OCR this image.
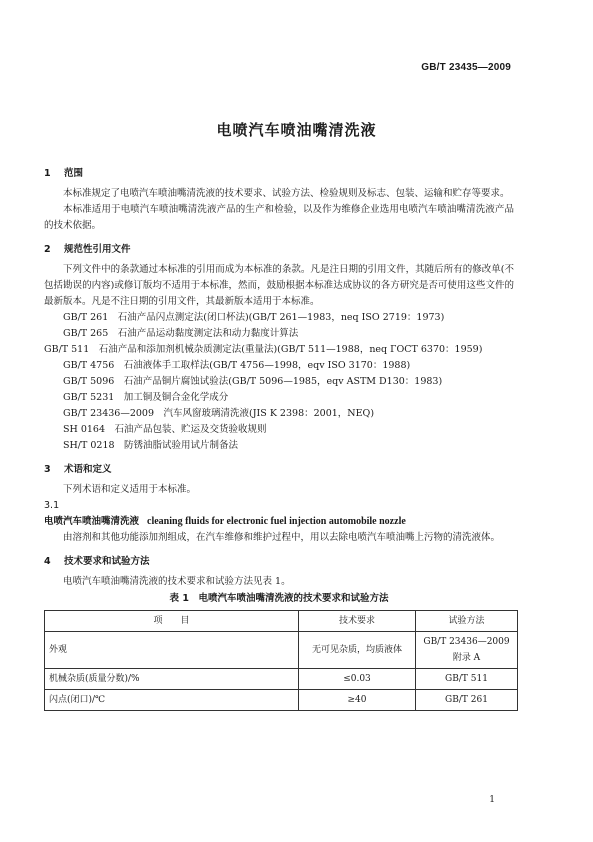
GB/T 23435—2009
电喷汽车喷油嘴清洗液
1 范围

本标准规定了电喷汽车喷油嘴清洗液的技术要求、试验方法、检验规则及标志、包装、运输和贮存等要求。

本标准适用于电喷汽车喷油嘴清洗液产品的生产和检验，以及作为维修企业选用电喷汽车喷油嘴清洗液产品的技术依据。

2 规范性引用文件

下列文件中的条款通过本标准的引用而成为本标准的条款。凡是注日期的引用文件，其随后所有的修改单(不包括勘误的内容)或修订版均不适用于本标准，然而，鼓励根据本标准达成协议的各方研究是否可使用这些文件的最新版本。凡是不注日期的引用文件，其最新版本适用于本标准。

GB/T 261　石油产品闪点测定法(闭口杯法)(GB/T 261—1983，neq ISO 2719：1973)

GB/T 265　石油产品运动黏度测定法和动力黏度计算法

GB/T 511　石油产品和添加剂机械杂质测定法(重量法)(GB/T 511—1988，neq ГОСТ 6370：1959)

GB/T 4756　石油液体手工取样法(GB/T 4756—1998，eqv ISO 3170：1988)

GB/T 5096　石油产品铜片腐蚀试验法(GB/T 5096—1985，eqv ASTM D130：1983)

GB/T 5231　加工铜及铜合金化学成分

GB/T 23436—2009　汽车风窗玻璃清洗液(JIS K 2398：2001，NEQ)

SH 0164　石油产品包装、贮运及交货验收规则

SH/T 0218　防锈油脂试验用试片制备法

3 术语和定义

下列术语和定义适用于本标准。

3.1

电喷汽车喷油嘴清洗液 cleaning fluids for electronic fuel injection automobile nozzle

由溶剂和其他功能添加剂组成，在汽车维修和维护过程中，用以去除电喷汽车喷油嘴上污物的清洗液体。

4 技术要求和试验方法

电喷汽车喷油嘴清洗液的技术要求和试验方法见表 1。

表 1　电喷汽车喷油嘴清洗液的技术要求和试验方法
项　　目	技术要求	试验方法
外观	无可见杂质，均质液体	GB/T 23436—2009
附录 A

机械杂质(质量分数)/%	≤0.03	GB/T 511
闪点(闭口)/℃	≥40	GB/T 261
1
